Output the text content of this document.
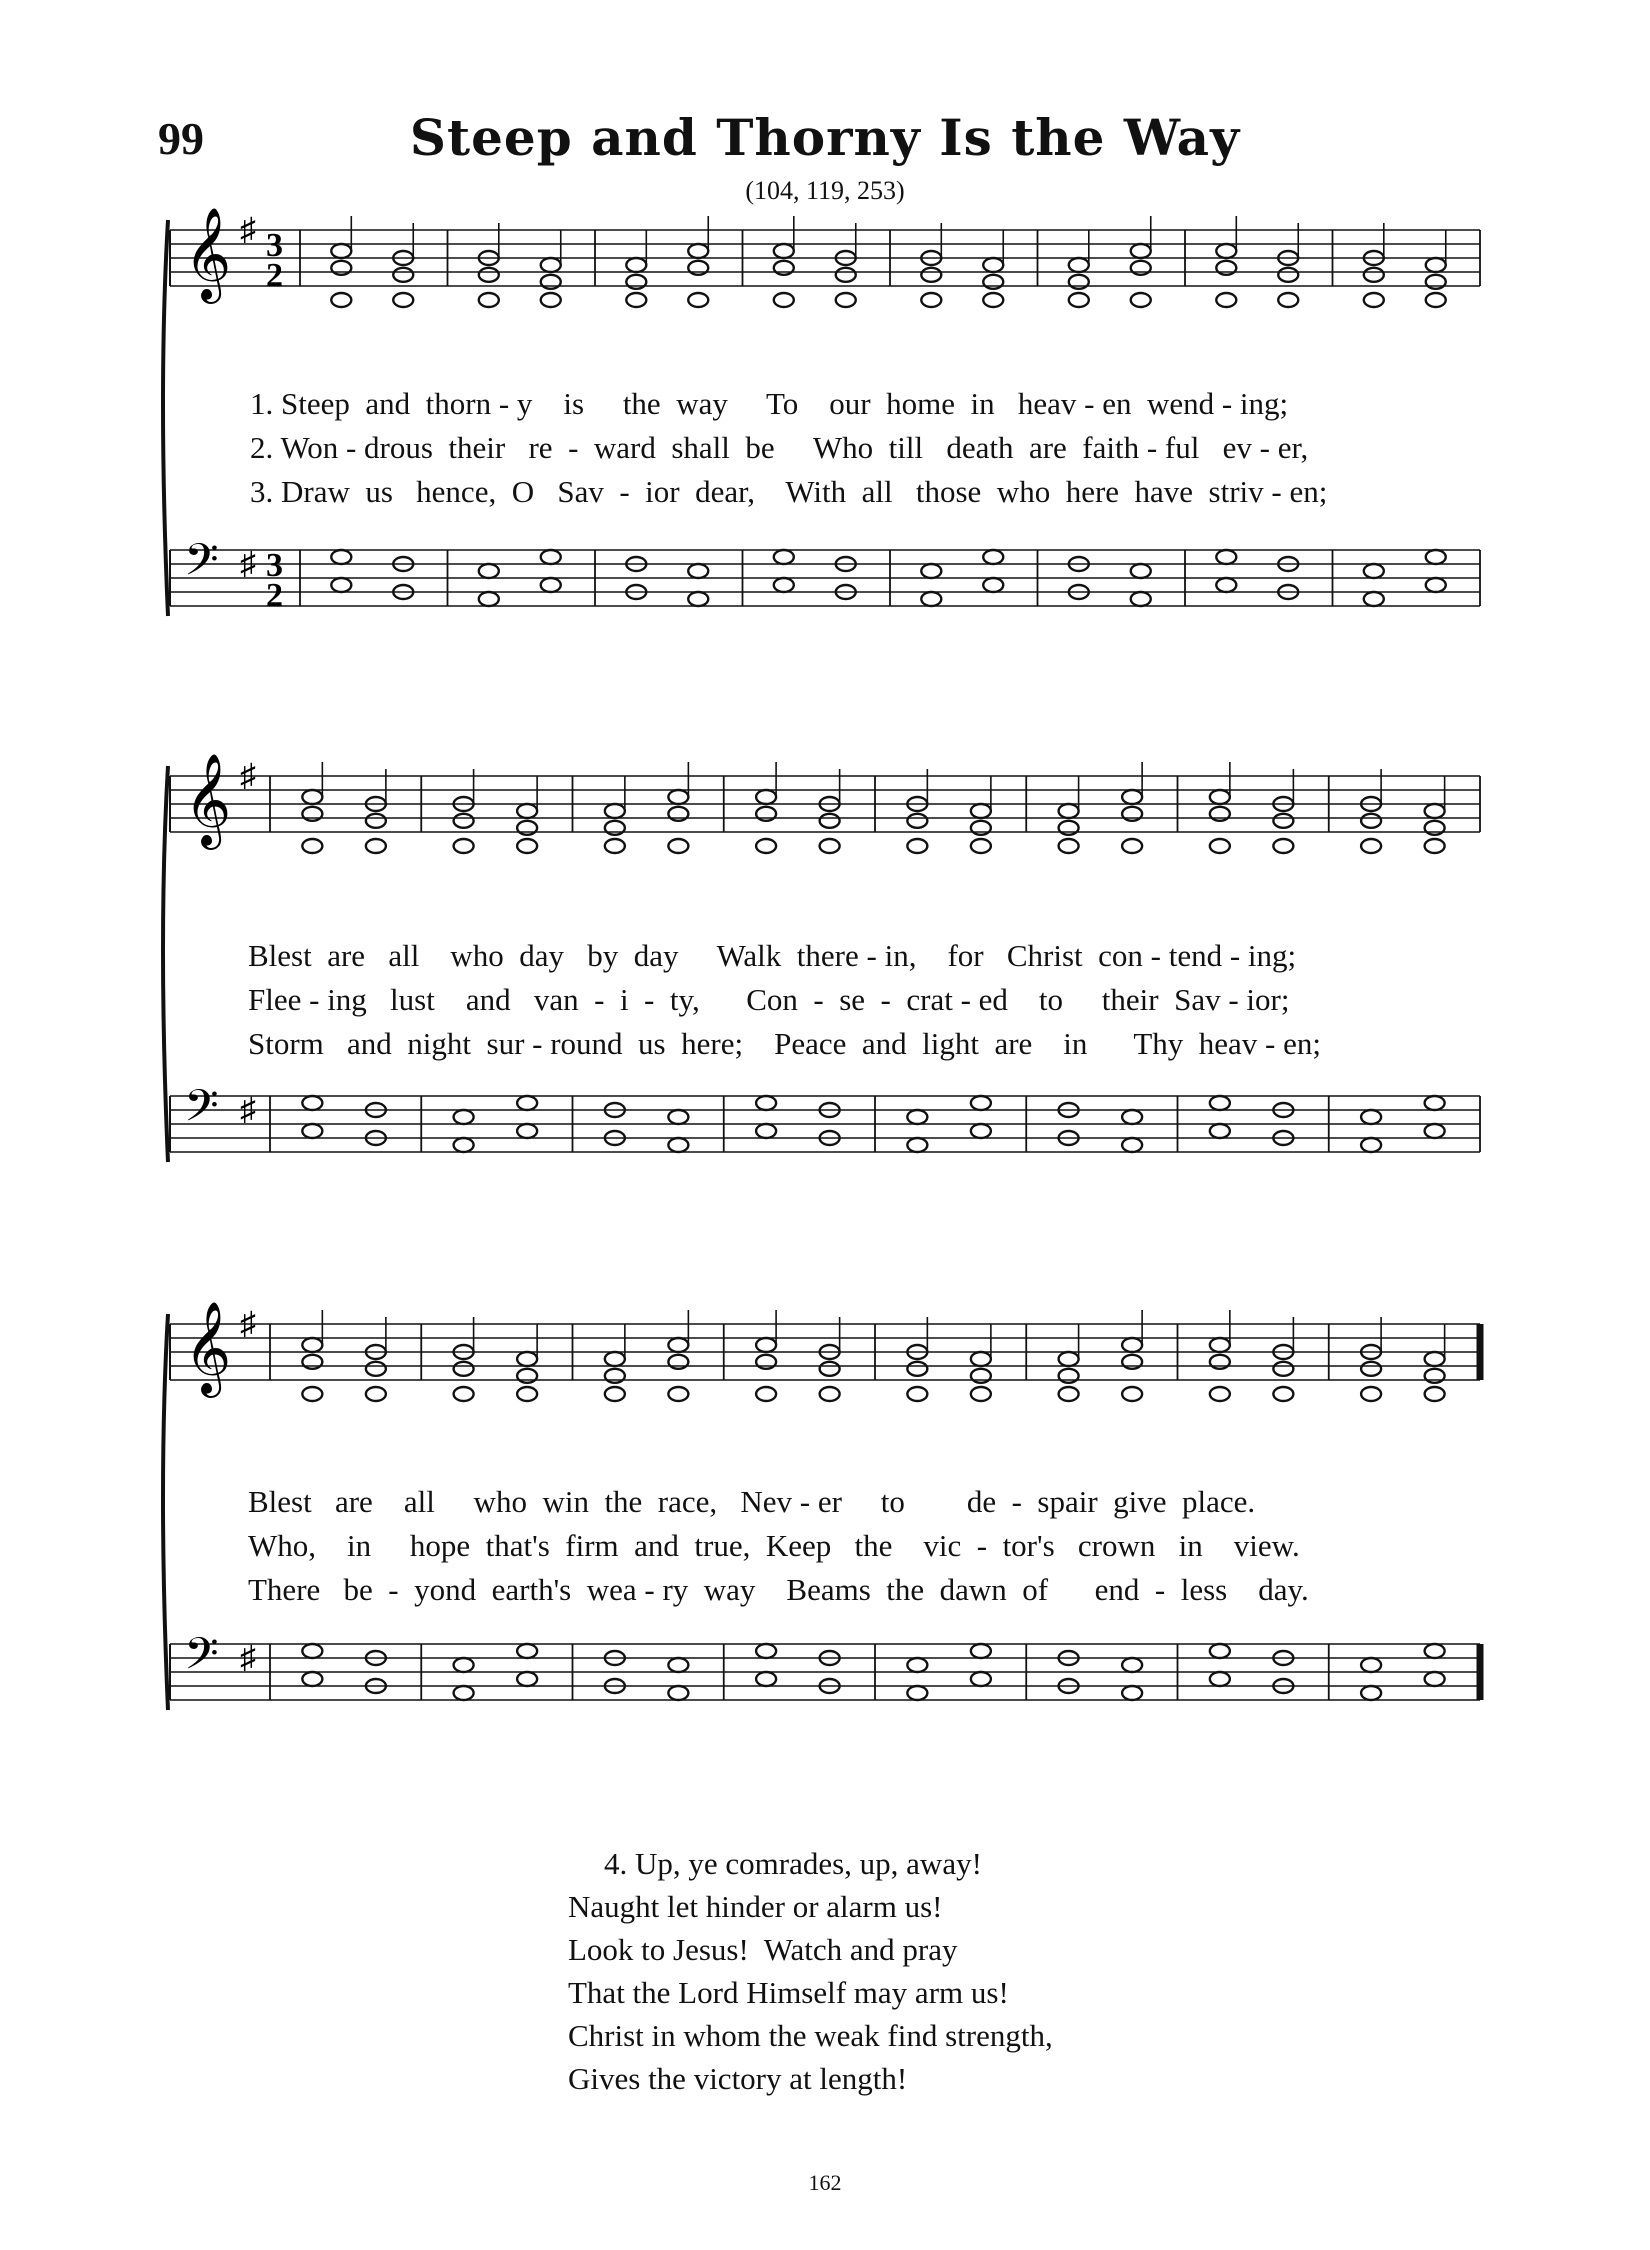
99	Steep and Thorny Is the Way
(104, 119, 253)
𝄞 ♯ 3
2
𝄢 ♯ 3
2
1. Steep  and  thorn - y    is     the  way     To    our  home  in   heav - en  wend - ing;
2. Won - drous  their   re  -  ward  shall  be     Who  till   death  are  faith - ful   ev - er,
3. Draw  us   hence,  O   Sav  -  ior  dear,    With  all   those  who  here  have  striv - en;
𝄞 ♯
𝄢 ♯
Blest  are   all    who  day   by  day     Walk  there - in,    for   Christ  con - tend - ing;
Flee - ing   lust    and   van  -  i  -  ty,      Con  -  se  -  crat - ed    to     their  Sav - ior;
Storm   and  night  sur - round  us  here;    Peace  and  light  are    in      Thy  heav - en;
𝄞 ♯
𝄢 ♯
Blest   are    all     who  win  the  race,   Nev - er     to        de  -  spair  give  place.
Who,    in     hope  that's  firm  and  true,  Keep   the    vic  -  tor's   crown   in    view.
There   be  -  yond  earth's  wea - ry  way    Beams  the  dawn  of      end  -  less    day.
4. Up, ye comrades, up, away!
Naught let hinder or alarm us!
Look to Jesus!  Watch and pray
That the Lord Himself may arm us!
Christ in whom the weak find strength,
Gives the victory at length!
162
